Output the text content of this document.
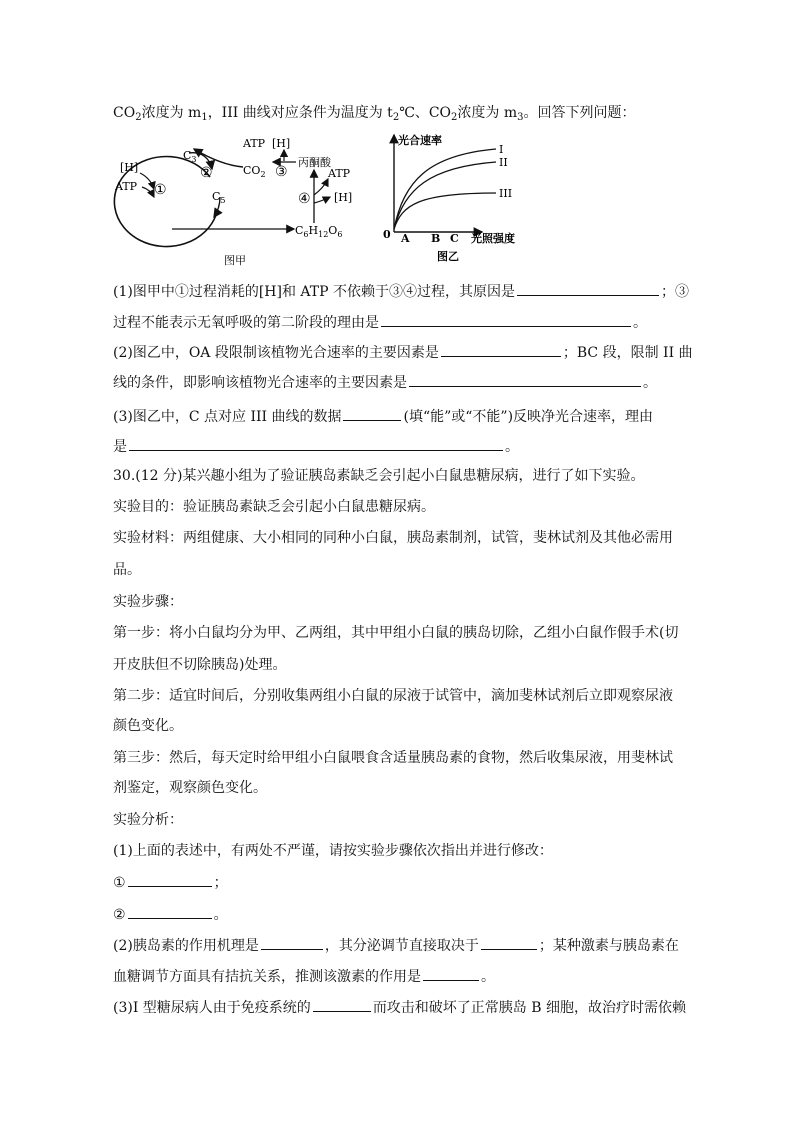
$CO_2$浓度为 $m_1$，III 曲线对应条件为温度为 $t_2℃$、$CO_2$浓度为 $m_3$。回答下列问题：
[H]
ATP ①
$C_3$
$C_5$
②	$CO_2$
丙酮酸
ATP [H]
③	ATP
[H]
④
$C_6H_{12}O_6$
图甲
光合速率
0	光照强度
A B C
I
II
III
图乙
(1)图甲中①过程消耗的[H]和 ATP 不依赖于③④过程，其原因是	；③
过程不能表示无氧呼吸的第二阶段的理由是	。
(2)图乙中，OA 段限制该植物光合速率的主要因素是	；BC 段，限制 II 曲
线的条件，即影响该植物光合速率的主要因素是	。
(3)图乙中，C 点对应 III 曲线的数据	(填“能”或“不能”)反映净光合速率，理由
是	。
30.(12 分)某兴趣小组为了验证胰岛素缺乏会引起小白鼠患糖尿病，进行了如下实验。
实验目的：验证胰岛素缺乏会引起小白鼠患糖尿病。
实验材料：两组健康、大小相同的同种小白鼠，胰岛素制剂，试管，斐林试剂及其他必需用
品。
实验步骤：
第一步：将小白鼠均分为甲、乙两组，其中甲组小白鼠的胰岛切除，乙组小白鼠作假手术(切
开皮肤但不切除胰岛)处理。
第二步：适宜时间后，分别收集两组小白鼠的尿液于试管中，滴加斐林试剂后立即观察尿液
颜色变化。
第三步：然后，每天定时给甲组小白鼠喂食含适量胰岛素的食物，然后收集尿液，用斐林试
剂鉴定，观察颜色变化。
实验分析：
(1)上面的表述中，有两处不严谨，请按实验步骤依次指出并进行修改：
①	；
②	。
(2)胰岛素的作用机理是	，其分泌调节直接取决于	；某种激素与胰岛素在
血糖调节方面具有拮抗关系，推测该激素的作用是	。
(3)I 型糖尿病人由于免疫系统的	而攻击和破坏了正常胰岛 B 细胞，故治疗时需依赖
